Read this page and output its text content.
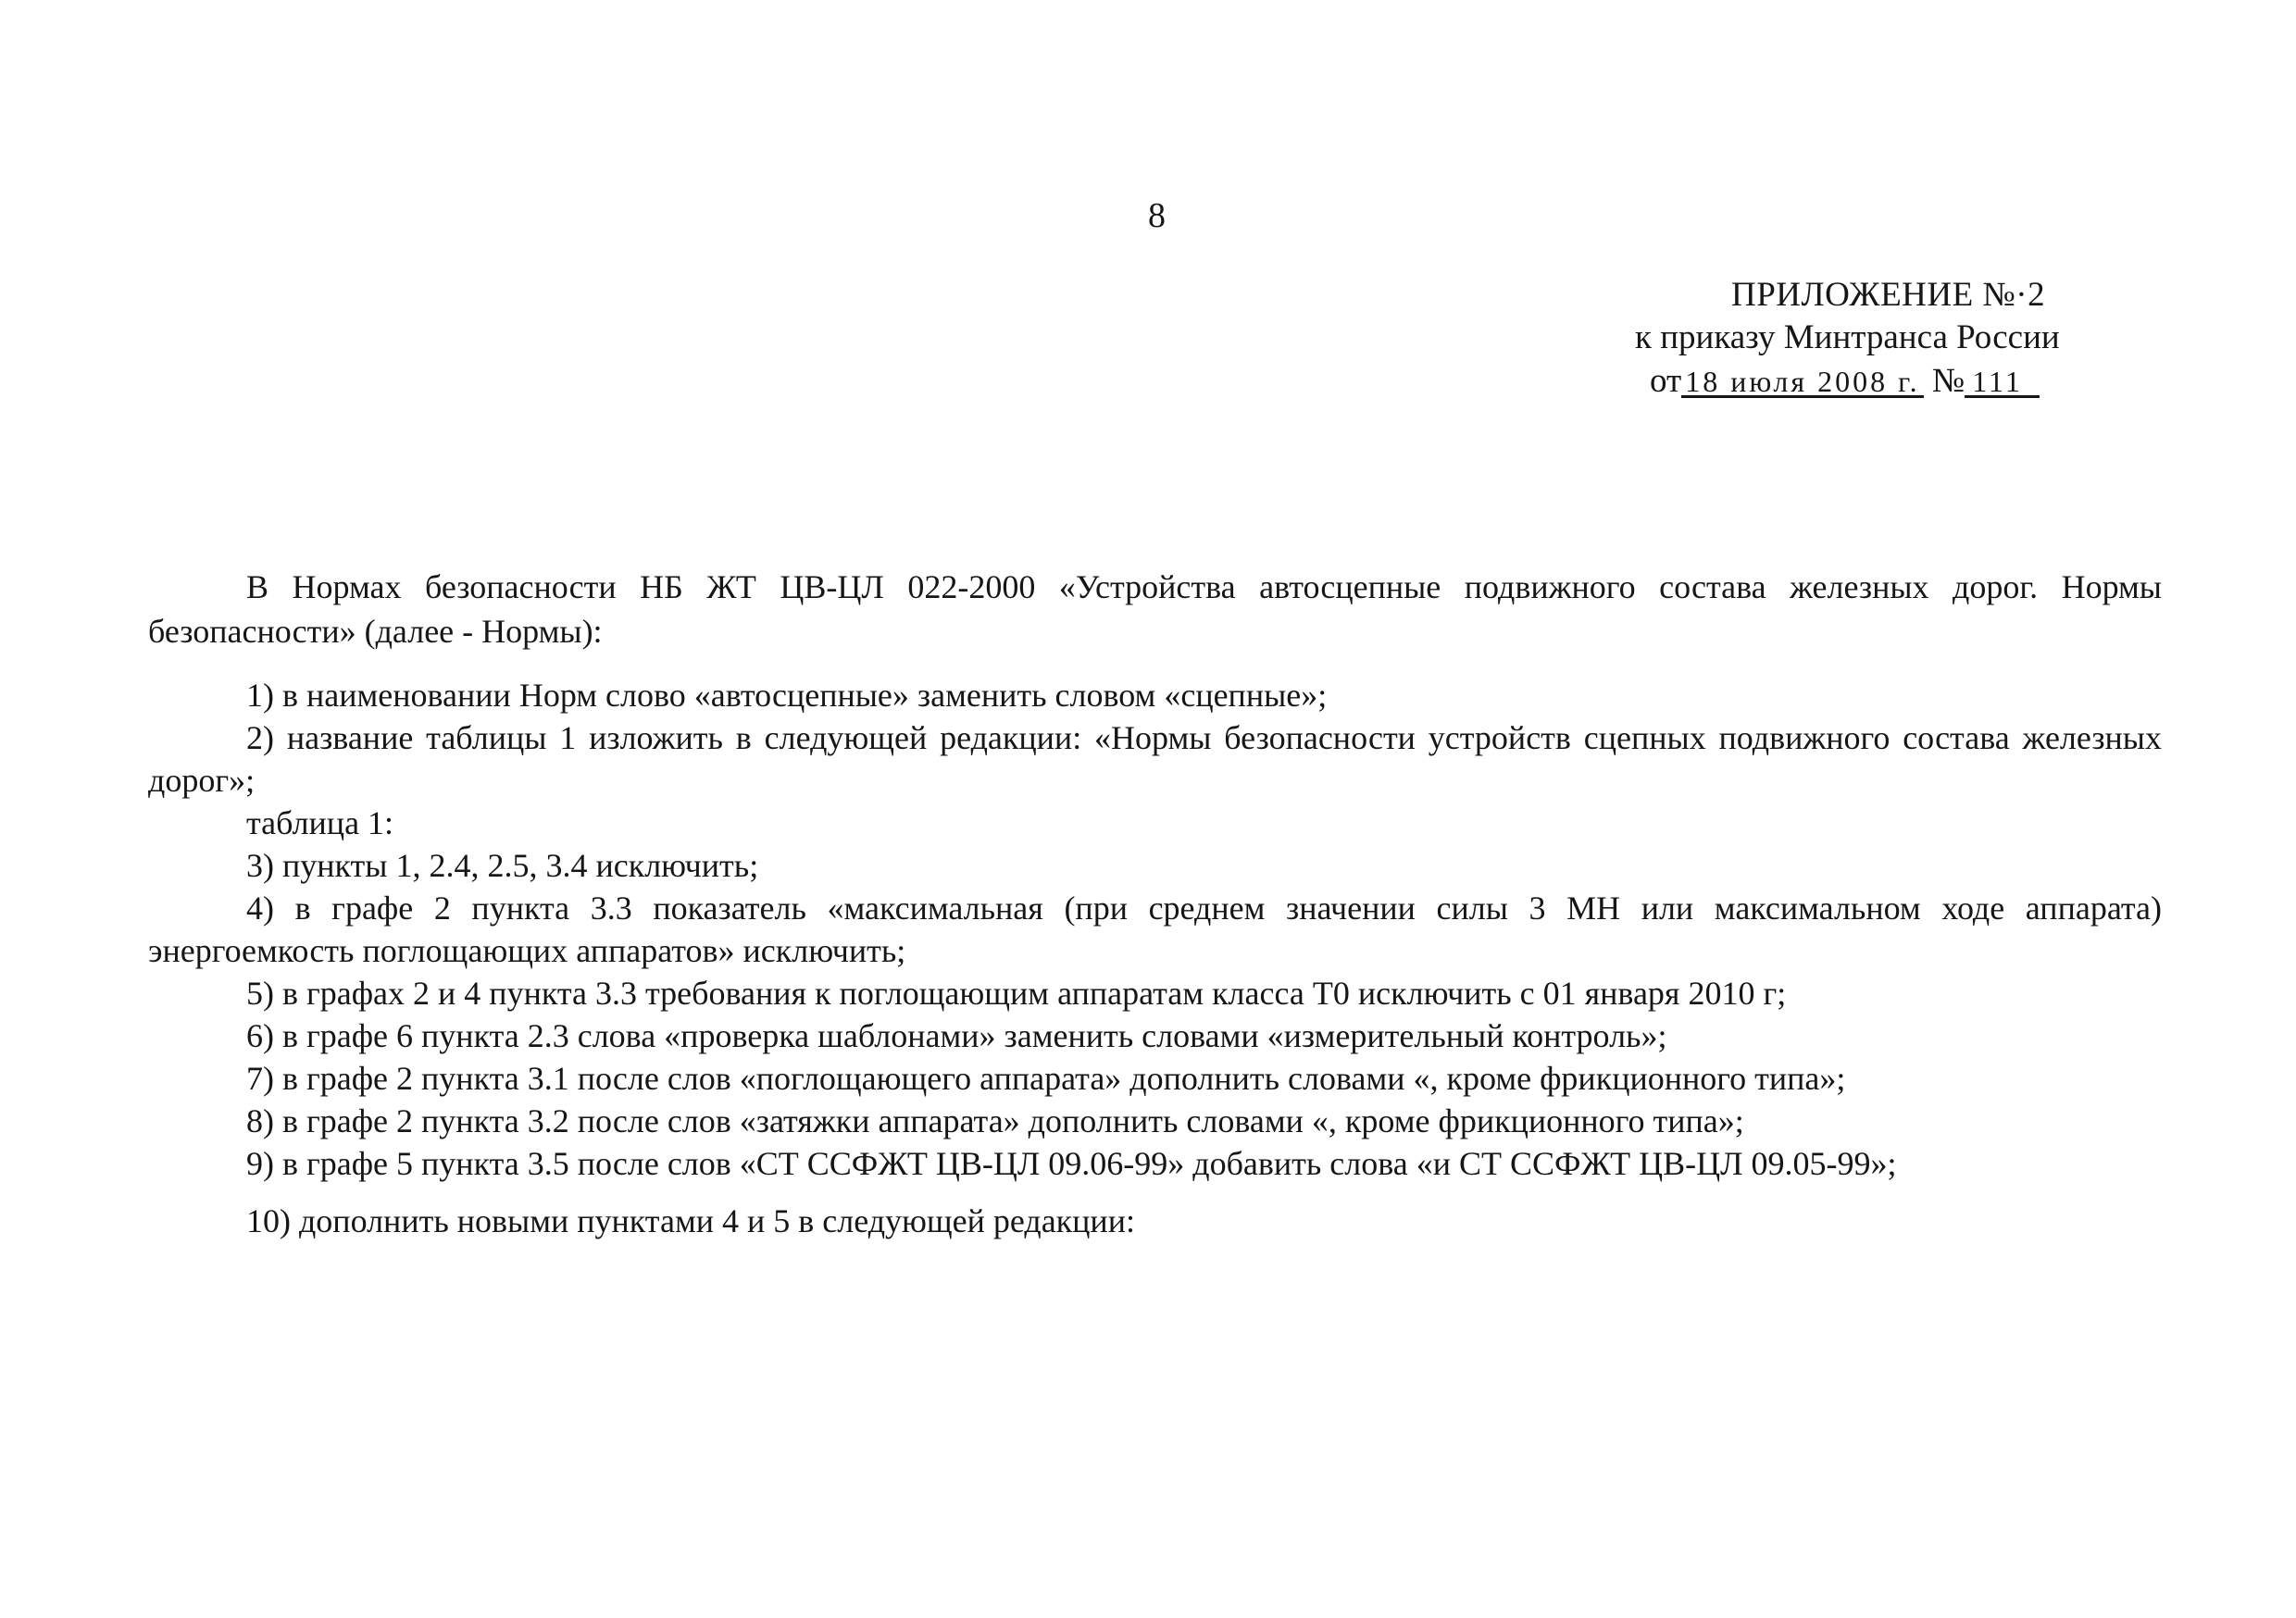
8
ПРИЛОЖЕНИЕ №·2
к приказу Минтранса России
от 18 июля 2008 г. № 111

В Нормах безопасности НБ ЖТ ЦВ-ЦЛ 022-2000 «Устройства автосцепные подвижного состава железных дорог. Нормы безопасности» (далее - Нормы):

1) в наименовании Норм слово «автосцепные» заменить словом «сцепные»;

2) название таблицы 1 изложить в следующей редакции: «Нормы безопасности устройств сцепных подвижного состава железных дорог»;

таблица 1:

3) пункты 1, 2.4, 2.5, 3.4 исключить;

4) в графе 2 пункта 3.3 показатель «максимальная (при среднем значении силы 3 МН или максимальном ходе аппарата) энергоемкость поглощающих аппаратов» исключить;

5) в графах 2 и 4 пункта 3.3 требования к поглощающим аппаратам класса Т0 исключить с 01 января 2010 г;

6) в графе 6 пункта 2.3 слова «проверка шаблонами» заменить словами «измерительный контроль»;

7) в графе 2 пункта 3.1 после слов «поглощающего аппарата» дополнить словами «, кроме фрикционного типа»;

8) в графе 2 пункта 3.2 после слов «затяжки аппарата» дополнить словами «, кроме фрикционного типа»;

9) в графе 5 пункта 3.5 после слов «СТ ССФЖТ ЦВ-ЦЛ 09.06-99» добавить слова «и СТ ССФЖТ ЦВ-ЦЛ 09.05-99»;

10) дополнить новыми пунктами 4 и 5 в следующей редакции:
